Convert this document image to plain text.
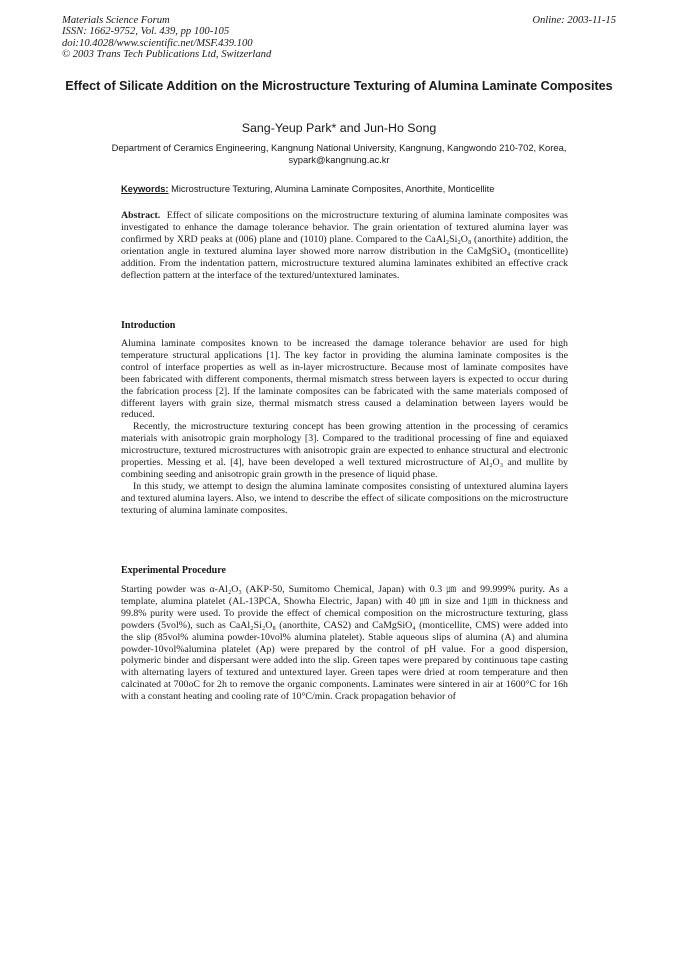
Materials Science Forum
ISSN: 1662-9752, Vol. 439, pp 100-105
doi:10.4028/www.scientific.net/MSF.439.100
© 2003 Trans Tech Publications Ltd, Switzerland
Online: 2003-11-15
Effect of Silicate Addition on the Microstructure Texturing of Alumina Laminate Composites
Sang-Yeup Park* and Jun-Ho Song
Department of Ceramics Engineering, Kangnung National University, Kangnung, Kangwondo 210-702, Korea, sypark@kangnung.ac.kr
Keywords: Microstructure Texturing, Alumina Laminate Composites, Anorthite, Monticellite

Abstract. Effect of silicate compositions on the microstructure texturing of alumina laminate composites was investigated to enhance the damage tolerance behavior. The grain orientation of textured alumina layer was confirmed by XRD peaks at (006) plane and (1010) plane. Compared to the CaAl₂Si₂O₈ (anorthite) addition, the orientation angle in textured alumina layer showed more narrow distribution in the CaMgSiO₄ (monticellite) addition. From the indentation pattern, microstructure textured alumina laminates exhibited an effective crack deflection pattern at the interface of the textured/untextured laminates.

Introduction

Alumina laminate composites known to be increased the damage tolerance behavior are used for high temperature structural applications [1]. The key factor in providing the alumina laminate composites is the control of interface properties as well as in-layer microstructure. Because most of laminate composites have been fabricated with different components, thermal mismatch stress between layers is expected to occur during the fabrication process [2]. If the laminate composites can be fabricated with the same materials composed of different layers with grain size, thermal mismatch stress caused a delamination between layers would be reduced.

Recently, the microstructure texturing concept has been growing attention in the processing of ceramics materials with anisotropic grain morphology [3]. Compared to the traditional processing of fine and equiaxed microstructure, textured microstructures with anisotropic grain are expected to enhance structural and electronic properties. Messing et al. [4], have been developed a well textured microstructure of Al₂O₃ and mullite by combining seeding and anisotropic grain growth in the presence of liquid phase.

In this study, we attempt to design the alumina laminate composites consisting of untextured alumina layers and textured alumina layers. Also, we intend to describe the effect of silicate compositions on the microstructure texturing of alumina laminate composites.

Experimental Procedure

Starting powder was α-Al₂O₃ (AKP-50, Sumitomo Chemical, Japan) with 0.3 ㎛ and 99.999% purity. As a template, alumina platelet (AL-13PCA, Showha Electric, Japan) with 40 ㎛ in size and 1㎛ in thickness and 99.8% purity were used. To provide the effect of chemical composition on the microstructure texturing, glass powders (5vol%), such as CaAl₂Si₂O₈ (anorthite, CAS2) and CaMgSiO₄ (monticellite, CMS) were added into the slip (85vol% alumina powder-10vol% alumina platelet). Stable aqueous slips of alumina (A) and alumina powder-10vol%alumina platelet (Ap) were prepared by the control of pH value. For a good dispersion, polymeric binder and dispersant were added into the slip. Green tapes were prepared by continuous tape casting with alternating layers of textured and untextured layer. Green tapes were dried at room temperature and then calcinated at 700oC for 2h to remove the organic components. Laminates were sintered in air at 1600°C for 16h with a constant heating and cooling rate of 10°C/min. Crack propagation behavior of
